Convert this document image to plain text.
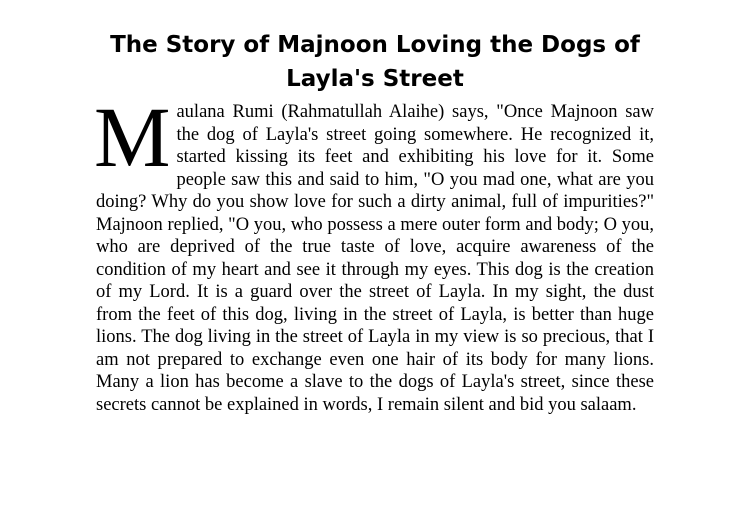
The Story of Majnoon Loving the Dogs of
Layla's Street

Maulana Rumi (Rahmatullah Alaihe) says, "Once Majnoon saw the dog of Layla's street going somewhere. He recognized it, started kissing its feet and exhibiting his love for it. Some people saw this and said to him, "O you mad one, what are you doing? Why do you show love for such a dirty animal, full of impurities?" Majnoon replied, "O you, who possess a mere outer form and body; O you, who are deprived of the true taste of love, acquire awareness of the condition of my heart and see it through my eyes. This dog is the creation of my Lord. It is a guard over the street of Layla. In my sight, the dust from the feet of this dog, living in the street of Layla, is better than huge lions. The dog living in the street of Layla in my view is so precious, that I am not prepared to exchange even one hair of its body for many lions. Many a lion has become a slave to the dogs of Layla's street, since these secrets cannot be explained in words, I remain silent and bid you salaam.
